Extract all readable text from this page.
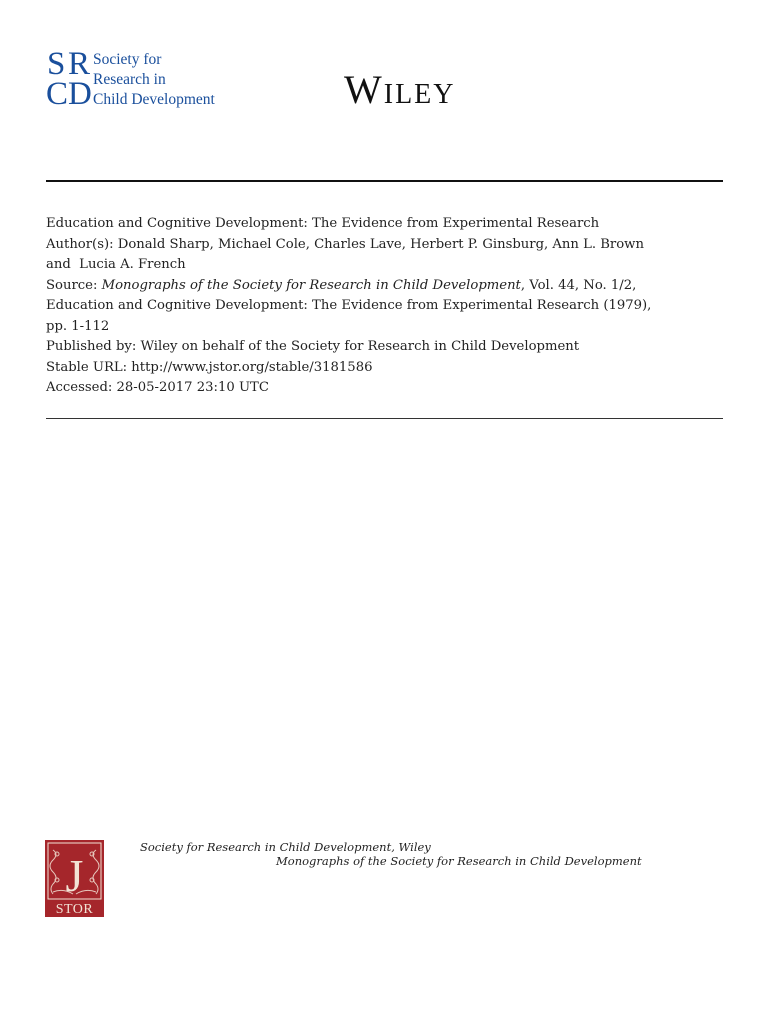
S R
C D
Society for
Research in
Child Development	Wiley
Education and Cognitive Development: The Evidence from Experimental Research
Author(s): Donald Sharp, Michael Cole, Charles Lave, Herbert P. Ginsburg, Ann L. Brown
and  Lucia A. French
Source: Monographs of the Society for Research in Child Development, Vol. 44, No. 1/2,
Education and Cognitive Development: The Evidence from Experimental Research (1979),
pp. 1-112
Published by: Wiley on behalf of the Society for Research in Child Development
Stable URL: http://www.jstor.org/stable/3181586
Accessed: 28-05-2017 23:10 UTC
J
STOR
Society for Research in Child Development, Wiley
Monographs of the Society for Research in Child Development
